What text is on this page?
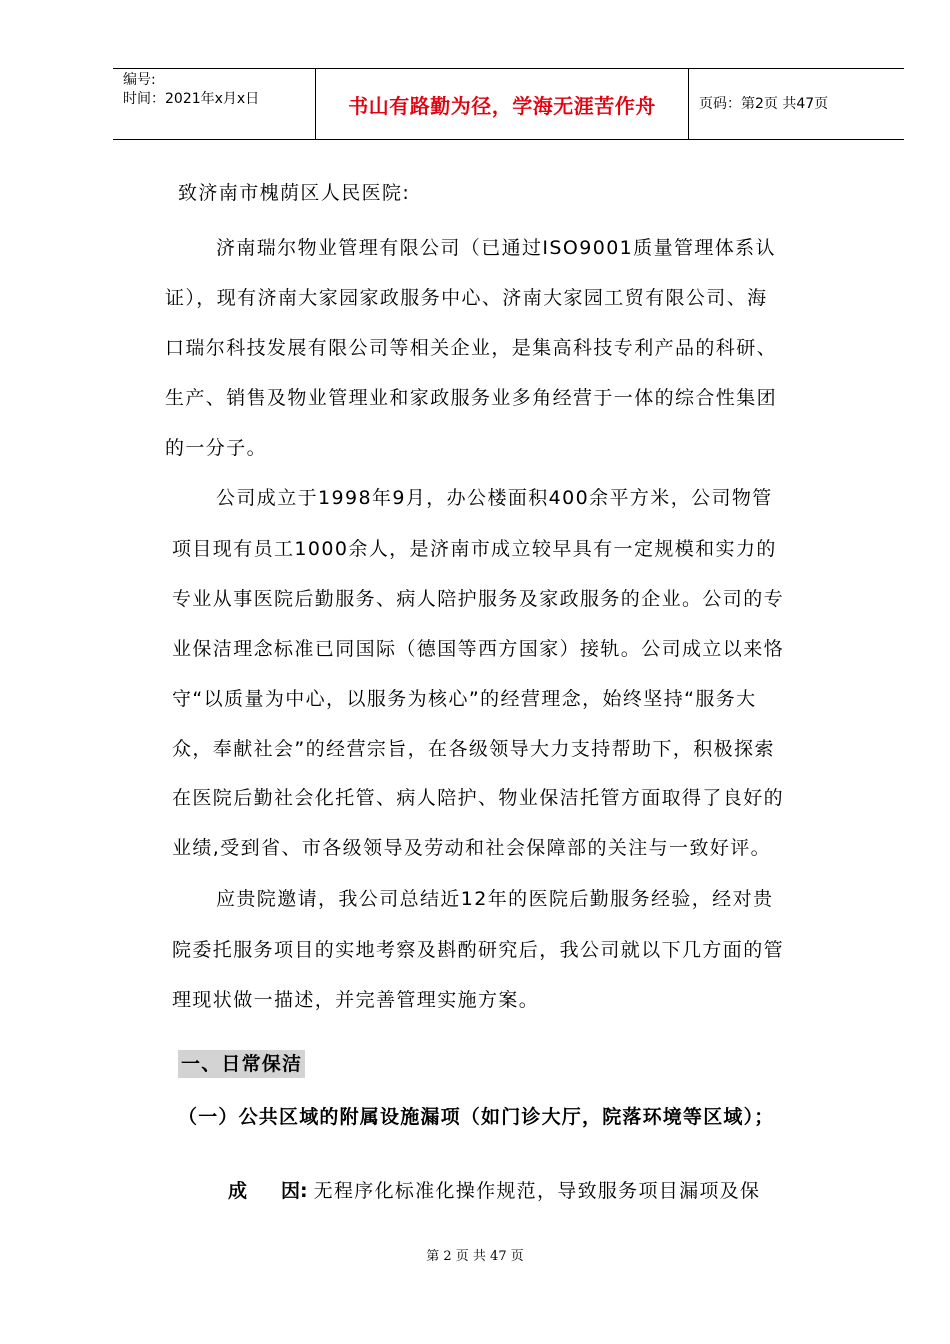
编号:
时间：2021年x月x日	书山有路勤为径，学海无涯苦作舟	页码：第2页 共47页
致济南市槐荫区人民医院:
济南瑞尔物业管理有限公司（已通过ISO9001质量管理体系认
证），现有济南大家园家政服务中心、济南大家园工贸有限公司、海
口瑞尔科技发展有限公司等相关企业，是集高科技专利产品的科研、
生产、销售及物业管理业和家政服务业多角经营于一体的综合性集团
的一分子。
公司成立于1998年9月，办公楼面积400余平方米，公司物管
项目现有员工1000余人，是济南市成立较早具有一定规模和实力的
专业从事医院后勤服务、病人陪护服务及家政服务的企业。公司的专
业保洁理念标准已同国际（德国等西方国家）接轨。公司成立以来恪
守“以质量为中心，以服务为核心”的经营理念，始终坚持“服务大
众，奉献社会”的经营宗旨，在各级领导大力支持帮助下，积极探索
在医院后勤社会化托管、病人陪护、物业保洁托管方面取得了良好的
业绩,受到省、市各级领导及劳动和社会保障部的关注与一致好评。
应贵院邀请，我公司总结近12年的医院后勤服务经验，经对贵
院委托服务项目的实地考察及斟酌研究后，我公司就以下几方面的管
理现状做一描述，并完善管理实施方案。
一、日常保洁
（一）公共区域的附属设施漏项（如门诊大厅，院落环境等区域）；
成 因: 无程序化标准化操作规范，导致服务项目漏项及保
第 2 页 共 47 页
